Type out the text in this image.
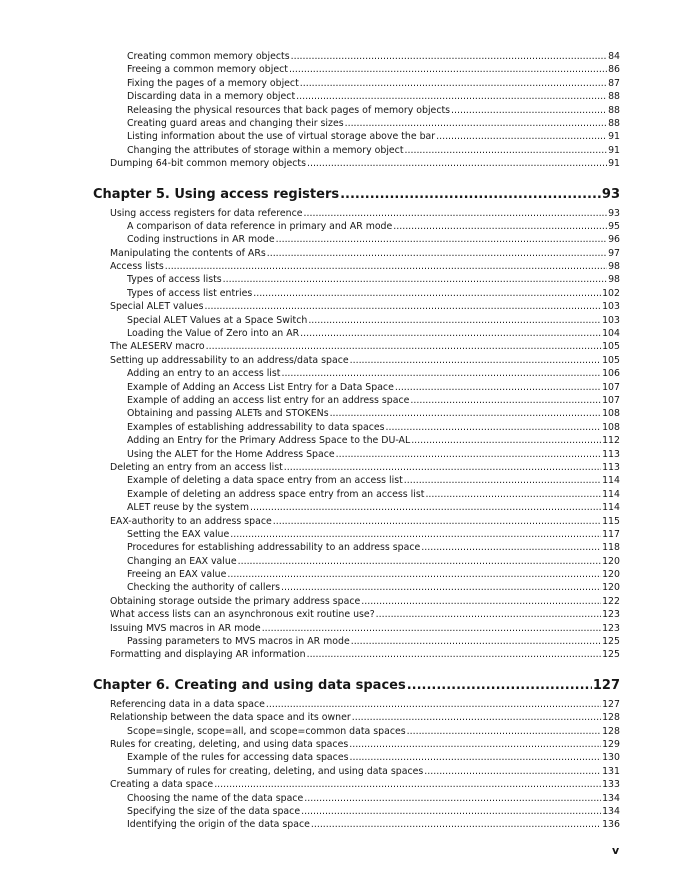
Creating common memory objects .....	84
Freeing a common memory object .....	86
Fixing the pages of a memory object .....	87
Discarding data in a memory object .....	88
Releasing the physical resources that back pages of memory objects .....	88
Creating guard areas and changing their sizes .....	88
Listing information about the use of virtual storage above the bar .....	91
Changing the attributes of storage within a memory object .....	91
Dumping 64-bit common memory objects .....	91
Chapter 5. Using access registers .....	93
Using access registers for data reference .....	93
A comparison of data reference in primary and AR mode .....	95
Coding instructions in AR mode .....	96
Manipulating the contents of ARs .....	97
Access lists .....	98
Types of access lists .....	98
Types of access list entries .....	102
Special ALET values .....	103
Special ALET Values at a Space Switch .....	103
Loading the Value of Zero into an AR .....	104
The ALESERV macro .....	105
Setting up addressability to an address/data space .....	105
Adding an entry to an access list .....	106
Example of Adding an Access List Entry for a Data Space .....	107
Example of adding an access list entry for an address space .....	107
Obtaining and passing ALETs and STOKENs .....	108
Examples of establishing addressability to data spaces .....	108
Adding an Entry for the Primary Address Space to the DU-AL .....	112
Using the ALET for the Home Address Space .....	113
Deleting an entry from an access list .....	113
Example of deleting a data space entry from an access list .....	114
Example of deleting an address space entry from an access list .....	114
ALET reuse by the system .....	114
EAX-authority to an address space .....	115
Setting the EAX value .....	117
Procedures for establishing addressability to an address space .....	118
Changing an EAX value .....	120
Freeing an EAX value .....	120
Checking the authority of callers .....	120
Obtaining storage outside the primary address space .....	122
What access lists can an asynchronous exit routine use? .....	123
Issuing MVS macros in AR mode .....	123
Passing parameters to MVS macros in AR mode .....	125
Formatting and displaying AR information .....	125
Chapter 6. Creating and using data spaces .....	127
Referencing data in a data space .....	127
Relationship between the data space and its owner .....	128
Scope=single, scope=all, and scope=common data spaces .....	128
Rules for creating, deleting, and using data spaces .....	129
Example of the rules for accessing data spaces .....	130
Summary of rules for creating, deleting, and using data spaces .....	131
Creating a data space .....	133
Choosing the name of the data space .....	134
Specifying the size of the data space .....	134
Identifying the origin of the data space .....	136
v
